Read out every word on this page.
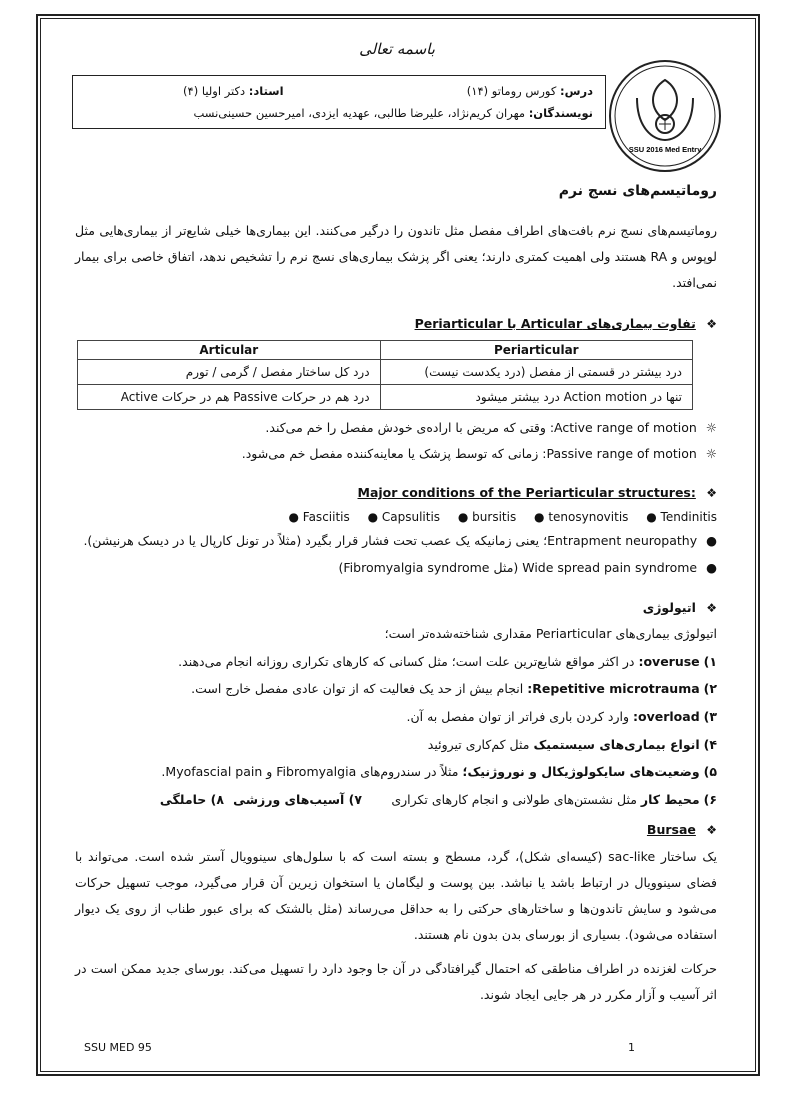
باسمه تعالی
SSU 2016 Med Entry
درس: کورس روماتو (۱۴)
استاد: دکتر اولیا (۴)
نویسندگان: مهران کریم‌نژاد، علیرضا طالبی، عهدیه ایزدی، امیرحسین حسینی‌نسب
روماتیسم‌های نسج نرم
روماتیسم‌های نسج نرم بافت‌های اطراف مفصل مثل تاندون را درگیر می‌کنند. این بیماری‌ها خیلی شایع‌تر از بیماری‌هایی مثل لوپوس و RA هستند ولی اهمیت کمتری دارند؛ یعنی اگر پزشک بیماری‌های نسج نرم را تشخیص ندهد، اتفاق خاصی برای بیمار نمی‌افتد.
❖ تفاوت بیماری‌های Articular با Periarticular
Articular	Periarticular
درد کل ساختار مفصل / گرمی / تورم	درد بیشتر در قسمتی از مفصل (درد یکدست نیست)
درد هم در حرکات Passive هم در حرکات Active	تنها در Action motion درد بیشتر میشود
☼ Active range of motion: وقتی که مریض با اراده‌ی خودش مفصل را خم می‌کند.
☼ Passive range of motion: زمانی که توسط پزشک یا معاینه‌کننده مفصل خم می‌شود.
❖ Major conditions of the Periarticular structures:
● Fasciitis ● Capsulitis ● bursitis ● tenosynovitis ● Tendinitis
● Entrapment neuropathy؛ یعنی زمانیکه یک عصب تحت فشار قرار بگیرد (مثلاً در تونل کارپال یا در دیسک هرنیشن).
● Wide spread pain syndrome (مثل Fibromyalgia syndrome)
❖ اتیولوژی
اتیولوژی بیماری‌های Periarticular مقداری شناخته‌شده‌تر است؛
۱) overuse: در اکثر مواقع شایع‌ترین علت است؛ مثل کسانی که کارهای تکراری روزانه انجام می‌دهند.
۲) Repetitive microtrauma: انجام بیش از حد یک فعالیت که از توان عادی مفصل خارج است.
۳) overload: وارد کردن باری فراتر از توان مفصل به آن.
۴) انواع بیماری‌های سیستمیک مثل کم‌کاری تیروئید
۵) وضعیت‌های سایکولوژیکال و نوروژنیک؛ مثلاً در سندروم‌های Fibromyalgia و Myofascial pain.
۶) محیط کار مثل نشستن‌های طولانی و انجام کارهای تکراری
۷) آسیب‌های ورزشی
۸) حاملگی
❖ Bursae
یک ساختار sac-like (کیسه‌ای شکل)، گرد، مسطح و بسته است که با سلول‌های سینوویال آستر شده است. می‌تواند با فضای سینوویال در ارتباط باشد یا نباشد. بین پوست و لیگامان یا استخوان زیرین آن قرار می‌گیرد، موجب تسهیل حرکات می‌شود و سایش تاندون‌ها و ساختارهای حرکتی را به حداقل می‌رساند (مثل بالشتک که برای عبور طناب از روی یک دیوار استفاده می‌شود). بسیاری از بورسای بدن بدون نام هستند.
حرکات لغزنده در اطراف مناطقی که احتمال گیرافتادگی در آن جا وجود دارد را تسهیل می‌کند. بورسای جدید ممکن است در اثر آسیب و آزار مکرر در هر جایی ایجاد شوند.
SSU MED 95	1
